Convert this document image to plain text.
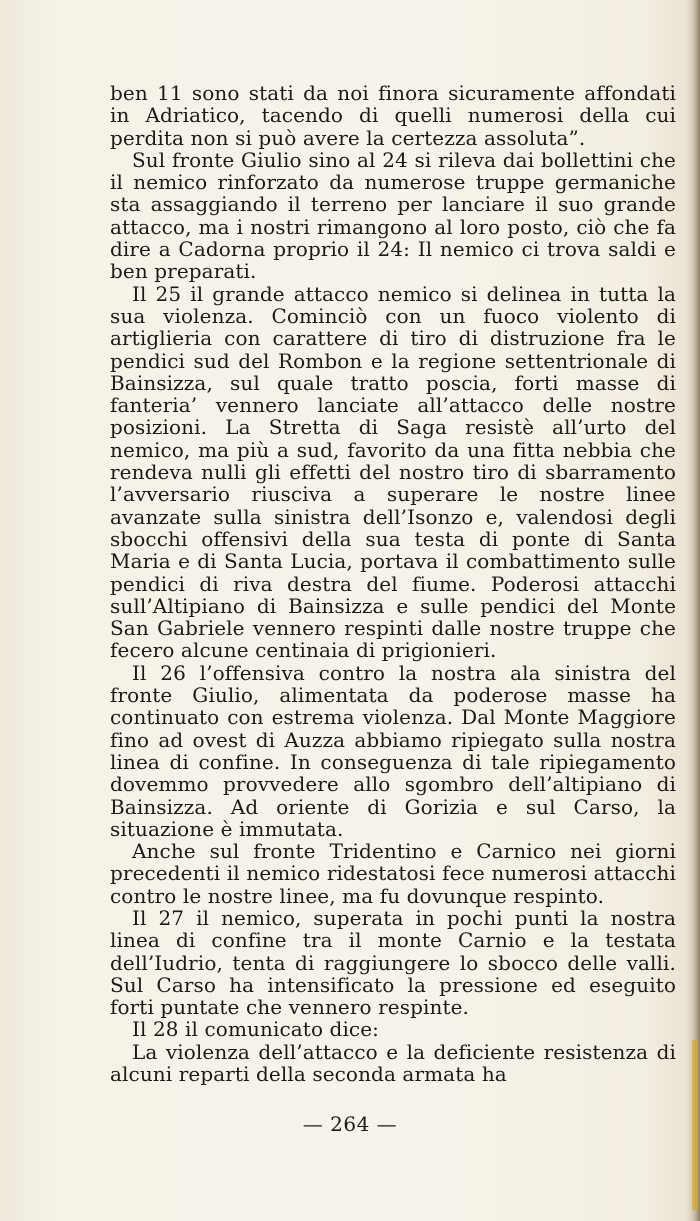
ben 11 sono stati da noi finora sicuramente affondati in Adriatico, tacendo di quelli numerosi della cui perdita non si può avere la certezza assoluta”.

Sul fronte Giulio sino al 24 si rileva dai bollettini che il nemico rinforzato da numerose truppe germaniche sta assaggiando il terreno per lanciare il suo grande attacco, ma i nostri rimangono al loro posto, ciò che fa dire a Cadorna proprio il 24: Il nemico ci trova saldi e ben preparati.

Il 25 il grande attacco nemico si delinea in tutta la sua violenza. Cominciò con un fuoco violento di artiglieria con carattere di tiro di distruzione fra le pendici sud del Rombon e la regione settentrionale di Bainsizza, sul quale tratto poscia, forti masse di fanteria’ vennero lanciate all’attacco delle nostre posizioni. La Stretta di Saga resistè all’urto del nemico, ma più a sud, favorito da una fitta nebbia che rendeva nulli gli effetti del nostro tiro di sbarramento l’avversario riusciva a superare le nostre linee avanzate sulla sinistra dell’Isonzo e, valendosi degli sbocchi offensivi della sua testa di ponte di Santa Maria e di Santa Lucia, portava il combattimento sulle pendici di riva destra del fiume. Poderosi attacchi sull’Altipiano di Bainsizza e sulle pendici del Monte San Gabriele vennero respinti dalle nostre truppe che fecero alcune centinaia di prigionieri.

Il 26 l’offensiva contro la nostra ala sinistra del fronte Giulio, alimentata da poderose masse ha continuato con estrema violenza. Dal Monte Maggiore fino ad ovest di Auzza abbiamo ripiegato sulla nostra linea di confine. In conseguenza di tale ripiegamento dovemmo provvedere allo sgombro dell’altipiano di Bainsizza. Ad oriente di Gorizia e sul Carso, la situazione è immutata.

Anche sul fronte Tridentino e Carnico nei giorni precedenti il nemico ridestatosi fece numerosi attacchi contro le nostre linee, ma fu dovunque respinto.

Il 27 il nemico, superata in pochi punti la nostra linea di confine tra il monte Carnio e la testata dell’Iudrio, tenta di raggiungere lo sbocco delle valli. Sul Carso ha intensificato la pressione ed eseguito forti puntate che vennero respinte.

Il 28 il comunicato dice:

La violenza dell’attacco e la deficiente resistenza di alcuni reparti della seconda armata ha

— 264 —
